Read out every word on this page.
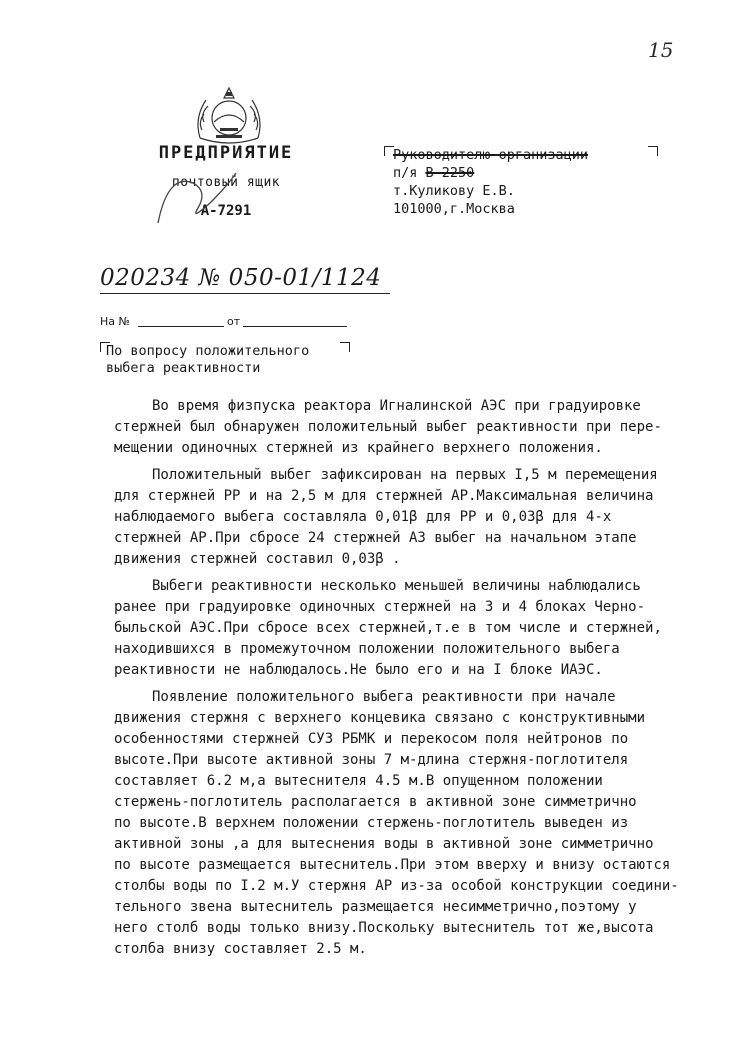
15
ПРЕДПРИЯТИЕ
почтовый ящик
А-7291
Руководителю организации
п/я В-2250
т.Куликову Е.В.
101000,г.Москва
020234 № 050-01/1124
На №	от
По вопросу положительного
выбега реактивности

Во время физпуска реактора Игналинской АЭС при градуировке
стержней был обнаружен положительный выбег реактивности при пере-
мещении одиночных стержней из крайнего верхнего положения.

Положительный выбег зафиксирован на первых I,5 м перемещения
для стержней РР и на 2,5 м для стержней АР.Максимальная величина
наблюдаемого выбега составляла 0,01β для РР и 0,03β для 4-х
стержней АР.При сбросе 24 стержней АЗ выбег на начальном этапе
движения стержней составил 0,03β .

Выбеги реактивности несколько меньшей величины наблюдались
ранее при градуировке одиночных стержней на 3 и 4 блоках Черно-
быльской АЭС.При сбросе всех стержней,т.е в том числе и стержней,
находившихся в промежуточном положении положительного выбега
реактивности не наблюдалось.Не было его и на I блоке ИАЭС.

Появление положительного выбега реактивности при начале
движения стержня с верхнего концевика связано с конструктивными
особенностями стержней СУЗ РБМК и перекосом поля нейтронов по
высоте.При высоте активной зоны 7 м-длина стержня-поглотителя
составляет 6.2 м,а вытеснителя 4.5 м.В опущенном положении
стержень-поглотитель располагается в активной зоне симметрично
по высоте.В верхнем положении стержень-поглотитель выведен из
активной зоны ,а для вытеснения воды в активной зоне симметрично
по высоте размещается вытеснитель.При этом вверху и внизу остаются
столбы воды по I.2 м.У стержня АР из-за особой конструкции соедини-
тельного звена вытеснитель размещается несимметрично,поэтому у
него столб воды только внизу.Поскольку вытеснитель тот же,высота
столба внизу составляет 2.5 м.
